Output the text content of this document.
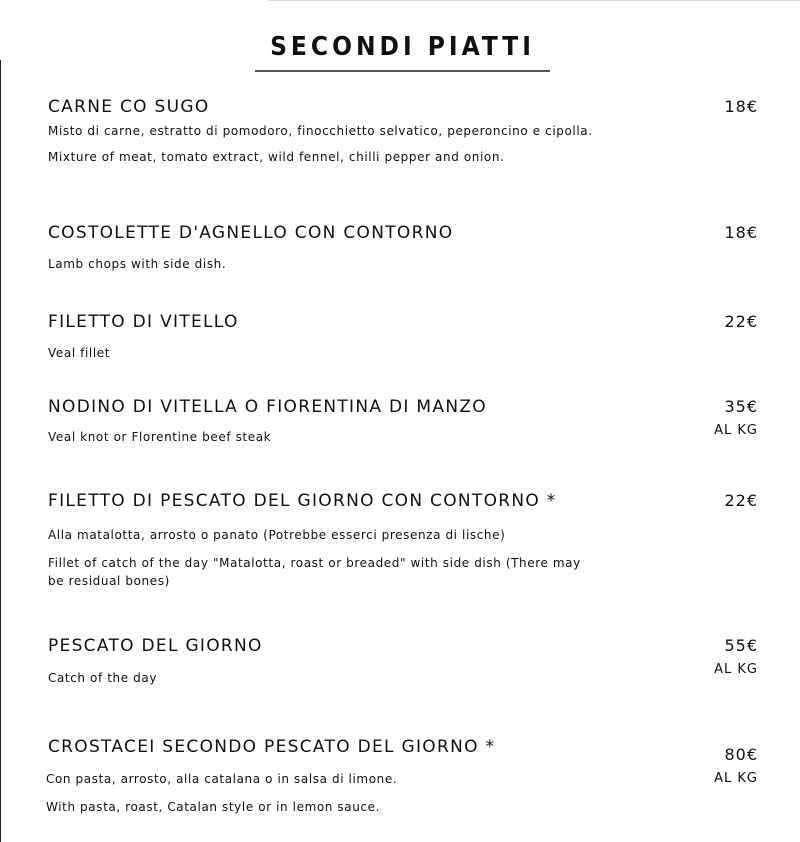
SECONDI PIATTI
CARNE CO SUGO
Misto di carne, estratto di pomodoro, finocchietto selvatico, peperoncino e cipolla.
Mixture of meat, tomato extract, wild fennel, chilli pepper and onion.
18€
COSTOLETTE D'AGNELLO CON CONTORNO
Lamb chops with side dish.
18€
FILETTO DI VITELLO
Veal fillet
22€
NODINO DI VITELLA O FIORENTINA DI MANZO
Veal knot or Florentine beef steak
35€
AL KG
FILETTO DI PESCATO DEL GIORNO CON CONTORNO *
Alla matalotta, arrosto o panato (Potrebbe esserci presenza di lische)
Fillet of catch of the day "Matalotta, roast or breaded" with side dish (There may be residual bones)
22€
PESCATO DEL GIORNO
Catch of the day
55€
AL KG
CROSTACEI SECONDO PESCATO DEL GIORNO *
Con pasta, arrosto, alla catalana o in salsa di limone.
With pasta, roast, Catalan style or in lemon sauce.
80€
AL KG
